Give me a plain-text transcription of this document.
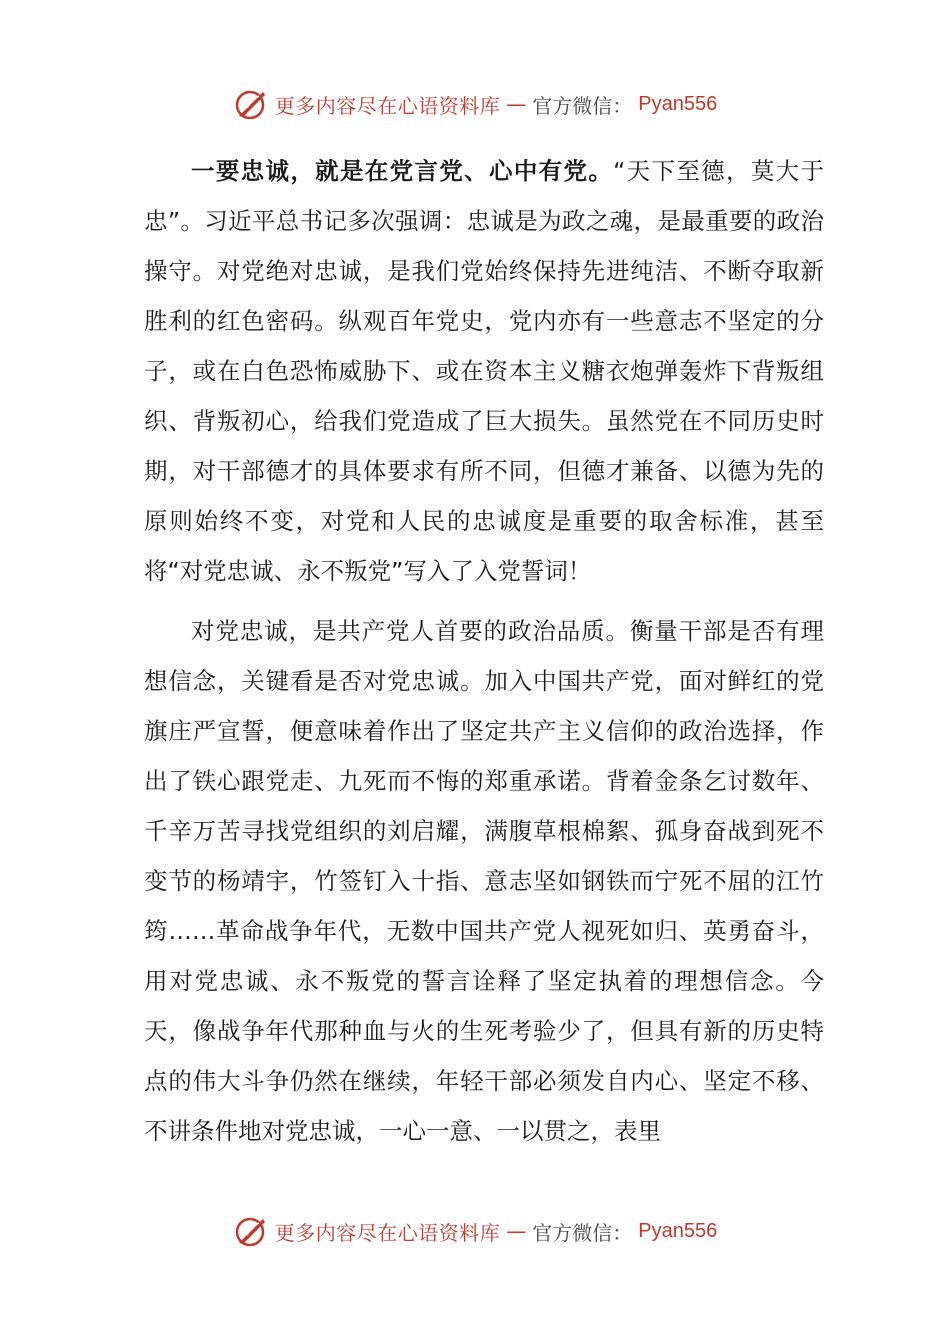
更多内容尽在心语资料库 — 官方微信： Pyan556

一要忠诚，就是在党言党、心中有党。“天下至德，莫大于忠”。习近平总书记多次强调：忠诚是为政之魂，是最重要的政治操守。对党绝对忠诚，是我们党始终保持先进纯洁、不断夺取新胜利的红色密码。纵观百年党史，党内亦有一些意志不坚定的分子，或在白色恐怖威胁下、或在资本主义糖衣炮弹轰炸下背叛组织、背叛初心，给我们党造成了巨大损失。虽然党在不同历史时期，对干部德才的具体要求有所不同，但德才兼备、以德为先的原则始终不变，对党和人民的忠诚度是重要的取舍标准，甚至将“对党忠诚、永不叛党”写入了入党誓词！

对党忠诚，是共产党人首要的政治品质。衡量干部是否有理想信念，关键看是否对党忠诚。加入中国共产党，面对鲜红的党旗庄严宣誓，便意味着作出了坚定共产主义信仰的政治选择，作出了铁心跟党走、九死而不悔的郑重承诺。背着金条乞讨数年、千辛万苦寻找党组织的刘启耀，满腹草根棉絮、孤身奋战到死不变节的杨靖宇，竹签钉入十指、意志坚如钢铁而宁死不屈的江竹筠……革命战争年代，无数中国共产党人视死如归、英勇奋斗，用对党忠诚、永不叛党的誓言诠释了坚定执着的理想信念。今天，像战争年代那种血与火的生死考验少了，但具有新的历史特点的伟大斗争仍然在继续，年轻干部必须发自内心、坚定不移、不讲条件地对党忠诚，一心一意、一以贯之，表里

更多内容尽在心语资料库 — 官方微信： Pyan556
